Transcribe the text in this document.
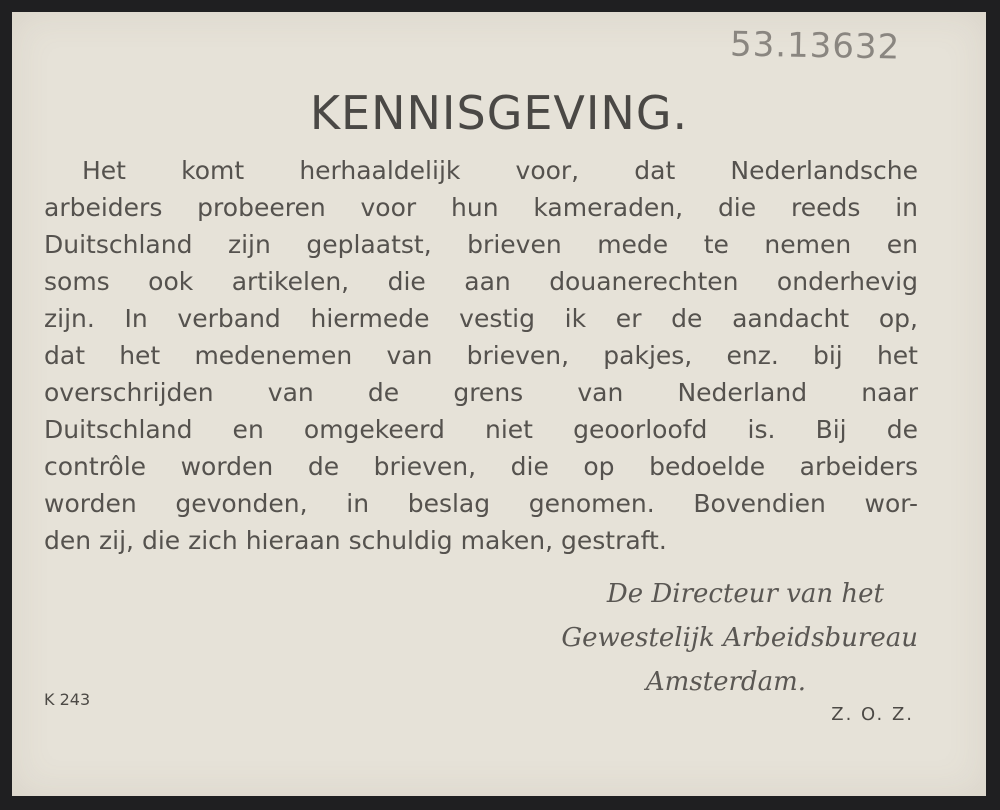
53.13632
KENNISGEVING.
Het komt herhaaldelijk voor, dat Nederlandsche
arbeiders probeeren voor hun kameraden, die reeds in
Duitschland zijn geplaatst, brieven mede te nemen en
soms ook artikelen, die aan douanerechten onderhevig
zijn. In verband hiermede vestig ik er de aandacht op,
dat het medenemen van brieven, pakjes, enz. bij het
overschrijden van de grens van Nederland naar
Duitschland en omgekeerd niet geoorloofd is. Bij de
contrôle worden de brieven, die op bedoelde arbeiders
worden gevonden, in beslag genomen. Bovendien wor-
den zij, die zich hieraan schuldig maken, gestraft.
De Directeur van het
Gewestelijk Arbeidsbureau
Amsterdam.
K 243
Z. O. Z.
